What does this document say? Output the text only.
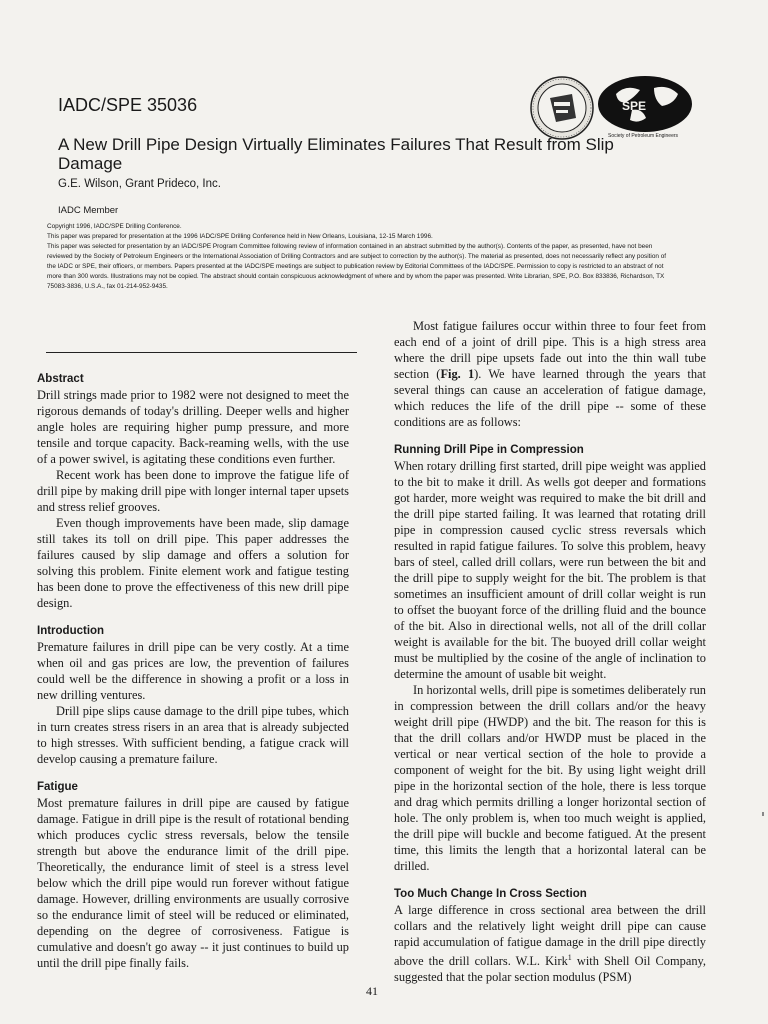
IADC/SPE 35036	SPE
Society of Petroleum Engineers
A New Drill Pipe Design Virtually Eliminates Failures That Result from Slip Damage
G.E. Wilson, Grant Prideco, Inc.
IADC Member

Copyright 1996, IADC/SPE Drilling Conference.

This paper was prepared for presentation at the 1996 IADC/SPE Drilling Conference held in New Orleans, Louisiana, 12-15 March 1996.

This paper was selected for presentation by an IADC/SPE Program Committee following review of information contained in an abstract submitted by the author(s). Contents of the paper, as presented, have not been reviewed by the Society of Petroleum Engineers or the International Association of Drilling Contractors and are subject to correction by the author(s). The material as presented, does not necessarily reflect any position of the IADC or SPE, their officers, or members. Papers presented at the IADC/SPE meetings are subject to publication review by Editorial Committees of the IADC/SPE. Permission to copy is restricted to an abstract of not more than 300 words. Illustrations may not be copied. The abstract should contain conspicuous acknowledgment of where and by whom the paper was presented. Write Librarian, SPE, P.O. Box 833836, Richardson, TX 75083-3836, U.S.A., fax 01-214-952-9435.

Abstract

Drill strings made prior to 1982 were not designed to meet the rigorous demands of today's drilling. Deeper wells and higher angle holes are requiring higher pump pressure, and more tensile and torque capacity. Back-reaming wells, with the use of a power swivel, is agitating these conditions even further.

Recent work has been done to improve the fatigue life of drill pipe by making drill pipe with longer internal taper upsets and stress relief grooves.

Even though improvements have been made, slip damage still takes its toll on drill pipe. This paper addresses the failures caused by slip damage and offers a solution for solving this problem. Finite element work and fatigue testing has been done to prove the effectiveness of this new drill pipe design.

Introduction

Premature failures in drill pipe can be very costly. At a time when oil and gas prices are low, the prevention of failures could well be the difference in showing a profit or a loss in new drilling ventures.

Drill pipe slips cause damage to the drill pipe tubes, which in turn creates stress risers in an area that is already subjected to high stresses. With sufficient bending, a fatigue crack will develop causing a premature failure.

Fatigue

Most premature failures in drill pipe are caused by fatigue damage. Fatigue in drill pipe is the result of rotational bending which produces cyclic stress reversals, below the tensile strength but above the endurance limit of the drill pipe. Theoretically, the endurance limit of steel is a stress level below which the drill pipe would run forever without fatigue damage. However, drilling environments are usually corrosive so the endurance limit of steel will be reduced or eliminated, depending on the degree of corrosiveness. Fatigue is cumulative and doesn't go away -- it just continues to build up until the drill pipe finally fails.

Most fatigue failures occur within three to four feet from each end of a joint of drill pipe. This is a high stress area where the drill pipe upsets fade out into the thin wall tube section (Fig. 1). We have learned through the years that several things can cause an acceleration of fatigue damage, which reduces the life of the drill pipe -- some of these conditions are as follows:

Running Drill Pipe in Compression

When rotary drilling first started, drill pipe weight was applied to the bit to make it drill. As wells got deeper and formations got harder, more weight was required to make the bit drill and the drill pipe started failing. It was learned that rotating drill pipe in compression caused cyclic stress reversals which resulted in rapid fatigue failures. To solve this problem, heavy bars of steel, called drill collars, were run between the bit and the drill pipe to supply weight for the bit. The problem is that sometimes an insufficient amount of drill collar weight is run to offset the buoyant force of the drilling fluid and the bounce of the bit. Also in directional wells, not all of the drill collar weight is available for the bit. The buoyed drill collar weight must be multiplied by the cosine of the angle of inclination to determine the amount of usable bit weight.

In horizontal wells, drill pipe is sometimes deliberately run in compression between the drill collars and/or the heavy weight drill pipe (HWDP) and the bit. The reason for this is that the drill collars and/or HWDP must be placed in the vertical or near vertical section of the hole to provide a component of weight for the bit. By using light weight drill pipe in the horizontal section of the hole, there is less torque and drag which permits drilling a longer horizontal section of hole. The only problem is, when too much weight is applied, the drill pipe will buckle and become fatigued. At the present time, this limits the length that a horizontal lateral can be drilled.

Too Much Change In Cross Section

A large difference in cross sectional area between the drill collars and the relatively light weight drill pipe can cause rapid accumulation of fatigue damage in the drill pipe directly above the drill collars. W.L. Kirk$^1$ with Shell Oil Company, suggested that the polar section modulus (PSM)

41
